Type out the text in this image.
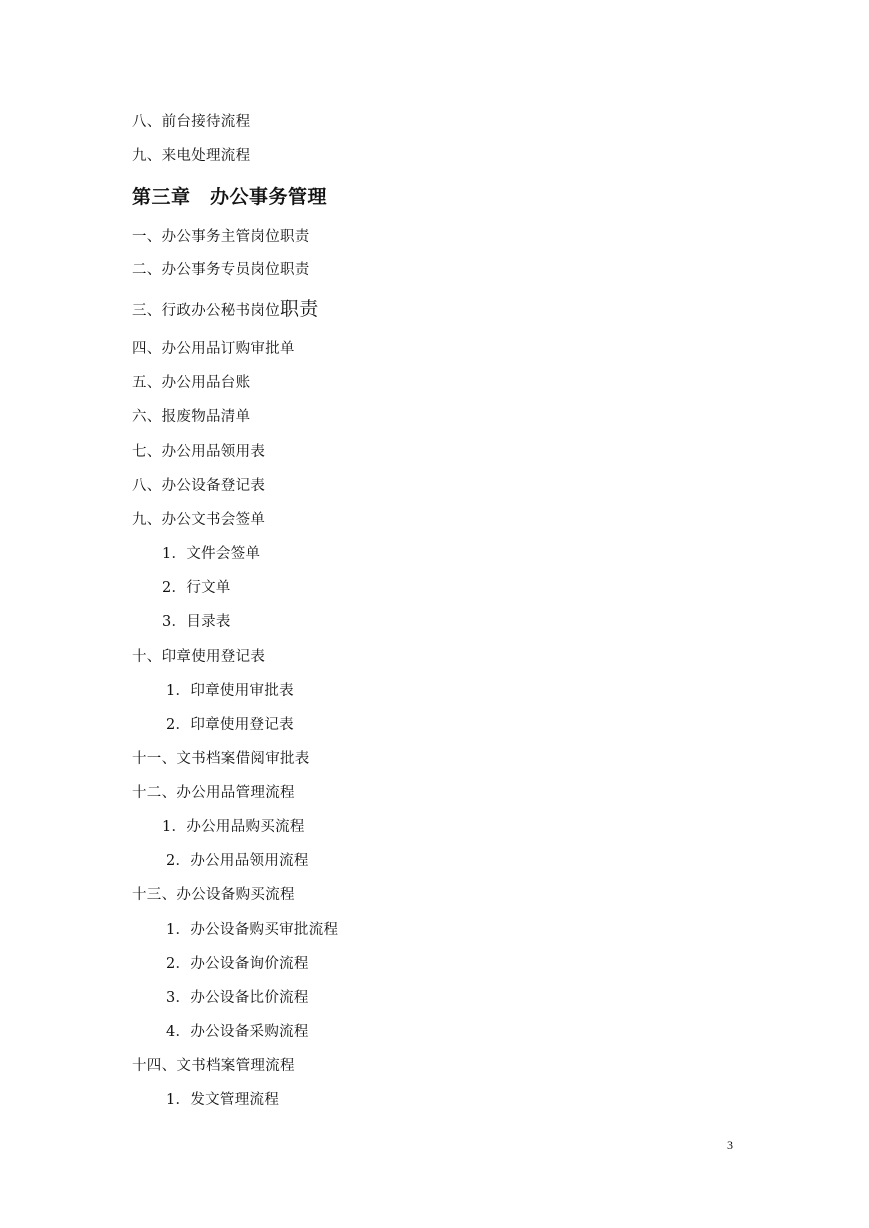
八、前台接待流程
九、来电处理流程
第三章　办公事务管理
一、办公事务主管岗位职责
二、办公事务专员岗位职责
三、行政办公秘书岗位职责
四、办公用品订购审批单
五、办公用品台账
六、报废物品清单
七、办公用品领用表
八、办公设备登记表
九、办公文书会签单
1．文件会签单
2．行文单
3．目录表
十、印章使用登记表
1．印章使用审批表
2．印章使用登记表
十一、文书档案借阅审批表
十二、办公用品管理流程
1．办公用品购买流程
2．办公用品领用流程
十三、办公设备购买流程
1．办公设备购买审批流程
2．办公设备询价流程
3．办公设备比价流程
4．办公设备采购流程
十四、文书档案管理流程
1．发文管理流程
3
